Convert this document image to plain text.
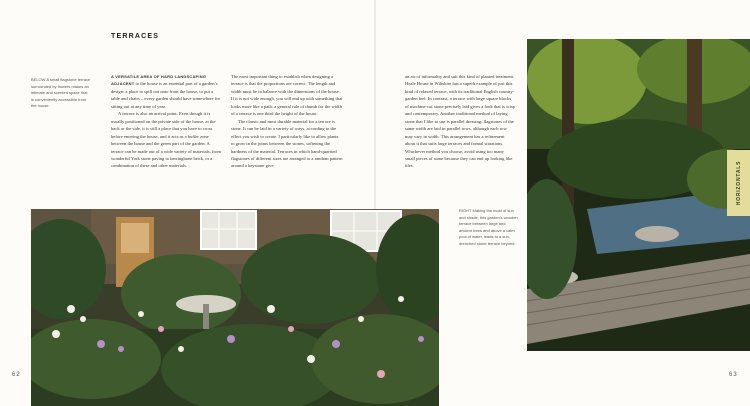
TERRACES
BELOW A small flagstone terrace surrounded by flowers makes an intimate and scented space that is conveniently accessible from the house.

A VERSATILE AREA OF HARD LANDSCAPING ADJACENT to the house is an essential part of a garden’s design: a place to spill out onto from the house, to put a table and chairs – every garden should have somewhere for sitting out at any time of year.

A terrace is also an arrival point. Even though it is usually positioned on the private side of the house, at the back or the side, it is still a place that you have to cross before entering the house, and it acts as a buffer zone between the house and the green part of the garden. A terrace can be made out of a wide variety of materials, from wonderful York stone paving to herringbone brick, or a combination of these and other materials.

The most important thing to establish when designing a terrace is that the proportions are correct. The length and width must be in balance with the dimensions of the house. If it is not wide enough, you will end up with something that looks more like a path; a general rule of thumb for the width of a terrace is one third the height of the house.

The classic and most durable material for a terrace is stone. It can be laid in a variety of ways, according to the effect you wish to create. I particularly like to allow plants to grow in the joints between the stones, softening the hardness of the material. Terraces in which hand-quarried flagstones of different sizes are arranged to a random pattern around a keystone give

an air of informality and suit this kind of planted treatment. Heale House in Wiltshire has a superb example of just this kind of relaxed terrace, with its traditional English country-garden feel. In contrast, a terrace with large square blocks of machine-cut stone precisely laid gives a look that is crisp and contemporary. Another traditional method of laying stone that I like to use is parallel dressing: flagstones of the same width are laid in parallel rows, although each row may vary in width. This arrangement has a refinement about it that suits large terraces and formal situations. Whichever method you choose, avoid using too many small pieces of stone because they can end up looking like tiles.

RIGHT Making the most of sun and shade, this garden’s wooden terrace between large and ancient trees and above a calm pool of water, leads to a sun-drenched stone terrace beyond.
HORIZONTALS
62	63
